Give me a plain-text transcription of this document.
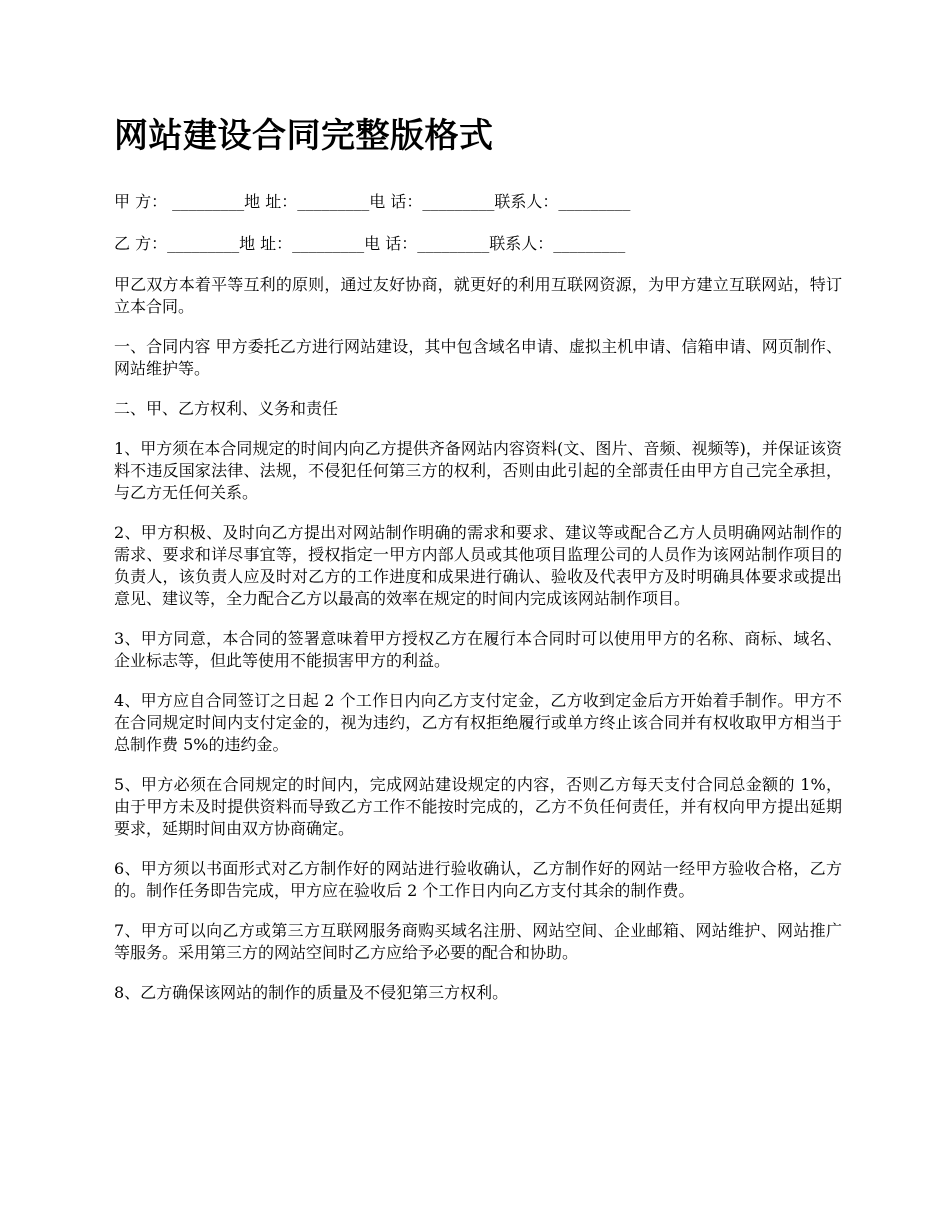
网站建设合同完整版格式

甲 方： _________地 址：_________电 话：_________联系人：_________

乙 方：_________地 址：_________电 话：_________联系人：_________

甲乙双方本着平等互利的原则，通过友好协商，就更好的利用互联网资源，为甲方建立互联网站，特订立本合同。

一、合同内容 甲方委托乙方进行网站建设，其中包含域名申请、虚拟主机申请、信箱申请、网页制作、网站维护等。

二、甲、乙方权利、义务和责任

1、甲方须在本合同规定的时间内向乙方提供齐备网站内容资料(文、图片、音频、视频等)，并保证该资料不违反国家法律、法规，不侵犯任何第三方的权利，否则由此引起的全部责任由甲方自己完全承担，与乙方无任何关系。

2、甲方积极、及时向乙方提出对网站制作明确的需求和要求、建议等或配合乙方人员明确网站制作的需求、要求和详尽事宜等，授权指定一甲方内部人员或其他项目监理公司的人员作为该网站制作项目的负责人，该负责人应及时对乙方的工作进度和成果进行确认、验收及代表甲方及时明确具体要求或提出意见、建议等，全力配合乙方以最高的效率在规定的时间内完成该网站制作项目。

3、甲方同意，本合同的签署意味着甲方授权乙方在履行本合同时可以使用甲方的名称、商标、域名、企业标志等，但此等使用不能损害甲方的利益。

4、甲方应自合同签订之日起 2 个工作日内向乙方支付定金，乙方收到定金后方开始着手制作。甲方不在合同规定时间内支付定金的，视为违约，乙方有权拒绝履行或单方终止该合同并有权收取甲方相当于总制作费 5%的违约金。

5、甲方必须在合同规定的时间内，完成网站建设规定的内容，否则乙方每天支付合同总金额的 1%，由于甲方未及时提供资料而导致乙方工作不能按时完成的，乙方不负任何责任，并有权向甲方提出延期要求，延期时间由双方协商确定。

6、甲方须以书面形式对乙方制作好的网站进行验收确认，乙方制作好的网站一经甲方验收合格，乙方的。制作任务即告完成，甲方应在验收后 2 个工作日内向乙方支付其余的制作费。

7、甲方可以向乙方或第三方互联网服务商购买域名注册、网站空间、企业邮箱、网站维护、网站推广等服务。采用第三方的网站空间时乙方应给予必要的配合和协助。

8、乙方确保该网站的制作的质量及不侵犯第三方权利。
